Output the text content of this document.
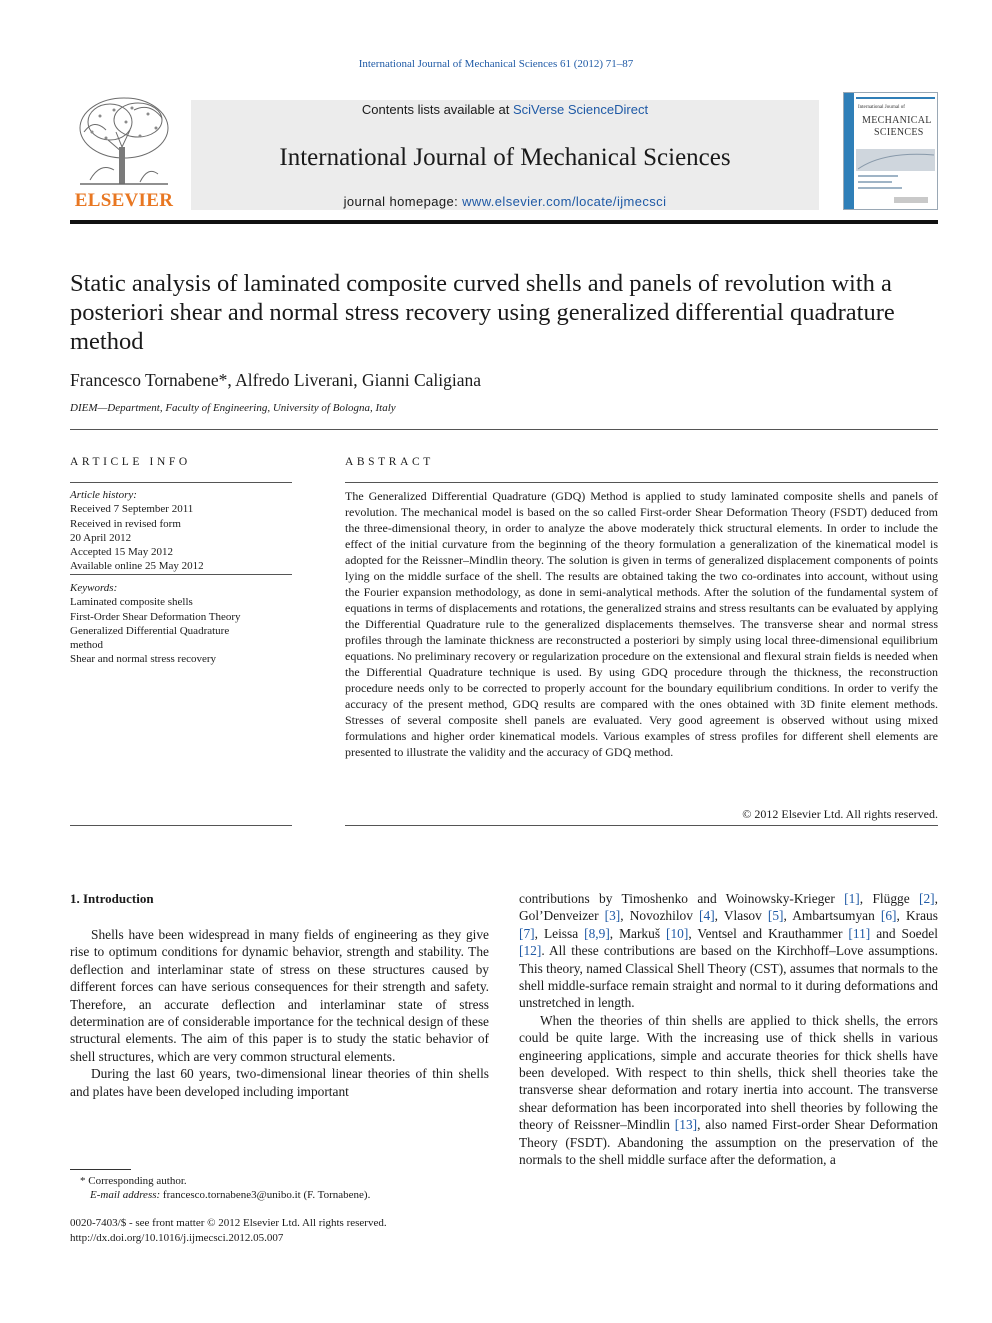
International Journal of Mechanical Sciences 61 (2012) 71–87
ELSEVIER
Contents lists available at SciVerse ScienceDirect
International Journal of Mechanical Sciences
journal homepage: www.elsevier.com/locate/ijmecsci
International Journal of
MECHANICAL
SCIENCES
Static analysis of laminated composite curved shells and panels of revolution with a posteriori shear and normal stress recovery using generalized differential quadrature method
Francesco Tornabene*, Alfredo Liverani, Gianni Caligiana
DIEM—Department, Faculty of Engineering, University of Bologna, Italy
ARTICLE INFO
Article history:
Received 7 September 2011
Received in revised form
20 April 2012
Accepted 15 May 2012
Available online 25 May 2012
Keywords:
Laminated composite shells
First-Order Shear Deformation Theory
Generalized Differential Quadrature
method
Shear and normal stress recovery
ABSTRACT

The Generalized Differential Quadrature (GDQ) Method is applied to study laminated composite shells and panels of revolution. The mechanical model is based on the so called First-order Shear Deformation Theory (FSDT) deduced from the three-dimensional theory, in order to analyze the above moderately thick structural elements. In order to include the effect of the initial curvature from the beginning of the theory formulation a generalization of the kinematical model is adopted for the Reissner–Mindlin theory. The solution is given in terms of generalized displacement components of points lying on the middle surface of the shell. The results are obtained taking the two co-ordinates into account, without using the Fourier expansion methodology, as done in semi-analytical methods. After the solution of the fundamental system of equations in terms of displacements and rotations, the generalized strains and stress resultants can be evaluated by applying the Differential Quadrature rule to the generalized displacements themselves. The transverse shear and normal stress profiles through the laminate thickness are reconstructed a posteriori by simply using local three-dimensional equilibrium equations. No preliminary recovery or regularization procedure on the extensional and flexural strain fields is needed when the Differential Quadrature technique is used. By using GDQ procedure through the thickness, the reconstruction procedure needs only to be corrected to properly account for the boundary equilibrium conditions. In order to verify the accuracy of the present method, GDQ results are compared with the ones obtained with 3D finite element methods. Stresses of several composite shell panels are evaluated. Very good agreement is observed without using mixed formulations and higher order kinematical models. Various examples of stress profiles for different shell elements are presented to illustrate the validity and the accuracy of GDQ method.

© 2012 Elsevier Ltd. All rights reserved.
1. Introduction

Shells have been widespread in many fields of engineering as they give rise to optimum conditions for dynamic behavior, strength and stability. The deflection and interlaminar state of stress on these structures caused by different forces can have serious consequences for their strength and safety. Therefore, an accurate deflection and interlaminar state of stress determination are of considerable importance for the technical design of these structural elements. The aim of this paper is to study the static behavior of shell structures, which are very common structural elements.

During the last 60 years, two-dimensional linear theories of thin shells and plates have been developed including important

contributions by Timoshenko and Woinowsky-Krieger [1], Flügge [2], Gol’Denveizer [3], Novozhilov [4], Vlasov [5], Ambartsumyan [6], Kraus [7], Leissa [8,9], Markuš [10], Ventsel and Krauthammer [11] and Soedel [12]. All these contributions are based on the Kirchhoff–Love assumptions. This theory, named Classical Shell Theory (CST), assumes that normals to the shell middle-surface remain straight and normal to it during deformations and unstretched in length.

When the theories of thin shells are applied to thick shells, the errors could be quite large. With the increasing use of thick shells in various engineering applications, simple and accurate theories for thick shells have been developed. With respect to thin shells, thick shell theories take the transverse shear deformation and rotary inertia into account. The transverse shear deformation has been incorporated into shell theories by following the theory of Reissner–Mindlin [13], also named First-order Shear Deformation Theory (FSDT). Abandoning the assumption on the preservation of the normals to the shell middle surface after the deformation, a

* Corresponding author.
E-mail address: francesco.tornabene3@unibo.it (F. Tornabene).
0020-7403/$ - see front matter © 2012 Elsevier Ltd. All rights reserved.
http://dx.doi.org/10.1016/j.ijmecsci.2012.05.007
